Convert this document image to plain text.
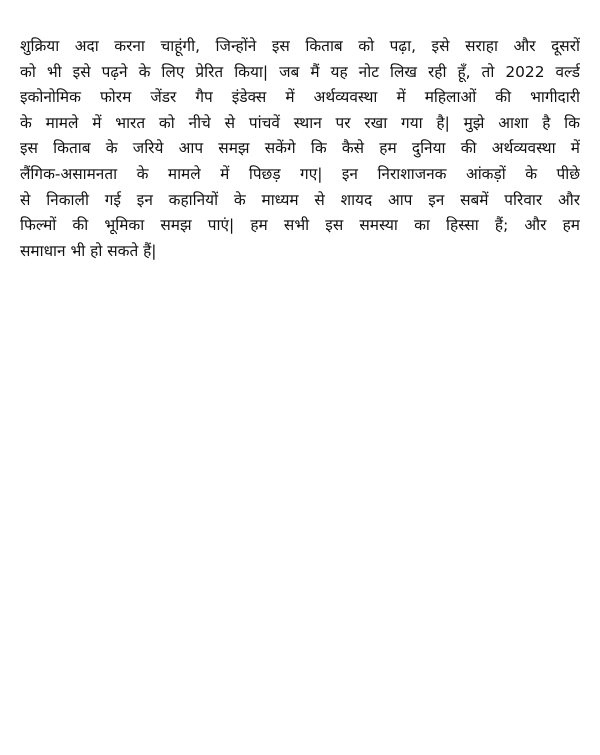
शुक्रिया अदा करना चाहूंगी, जिन्होंने इस किताब को पढ़ा, इसे सराहा और दूसरों
को भी इसे पढ़ने के लिए प्रेरित किया| जब मैं यह नोट लिख रही हूँ, तो 2022 वर्ल्ड
इकोनोमिक फोरम जेंडर गैप इंडेक्स में अर्थव्यवस्था में महिलाओं की भागीदारी
के मामले में भारत को नीचे से पांचवें स्थान पर रखा गया है| मुझे आशा है कि
इस किताब के जरिये आप समझ सकेंगे कि कैसे हम दुनिया की अर्थव्यवस्था में
लैंगिक-असामनता के मामले में पिछड़ गए| इन निराशाजनक आंकड़ों के पीछे
से निकाली गई इन कहानियों के माध्यम से शायद आप इन सबमें परिवार और
फिल्मों की भूमिका समझ पाएं| हम सभी इस समस्या का हिस्सा हैं; और हम
समाधान भी हो सकते हैं|
